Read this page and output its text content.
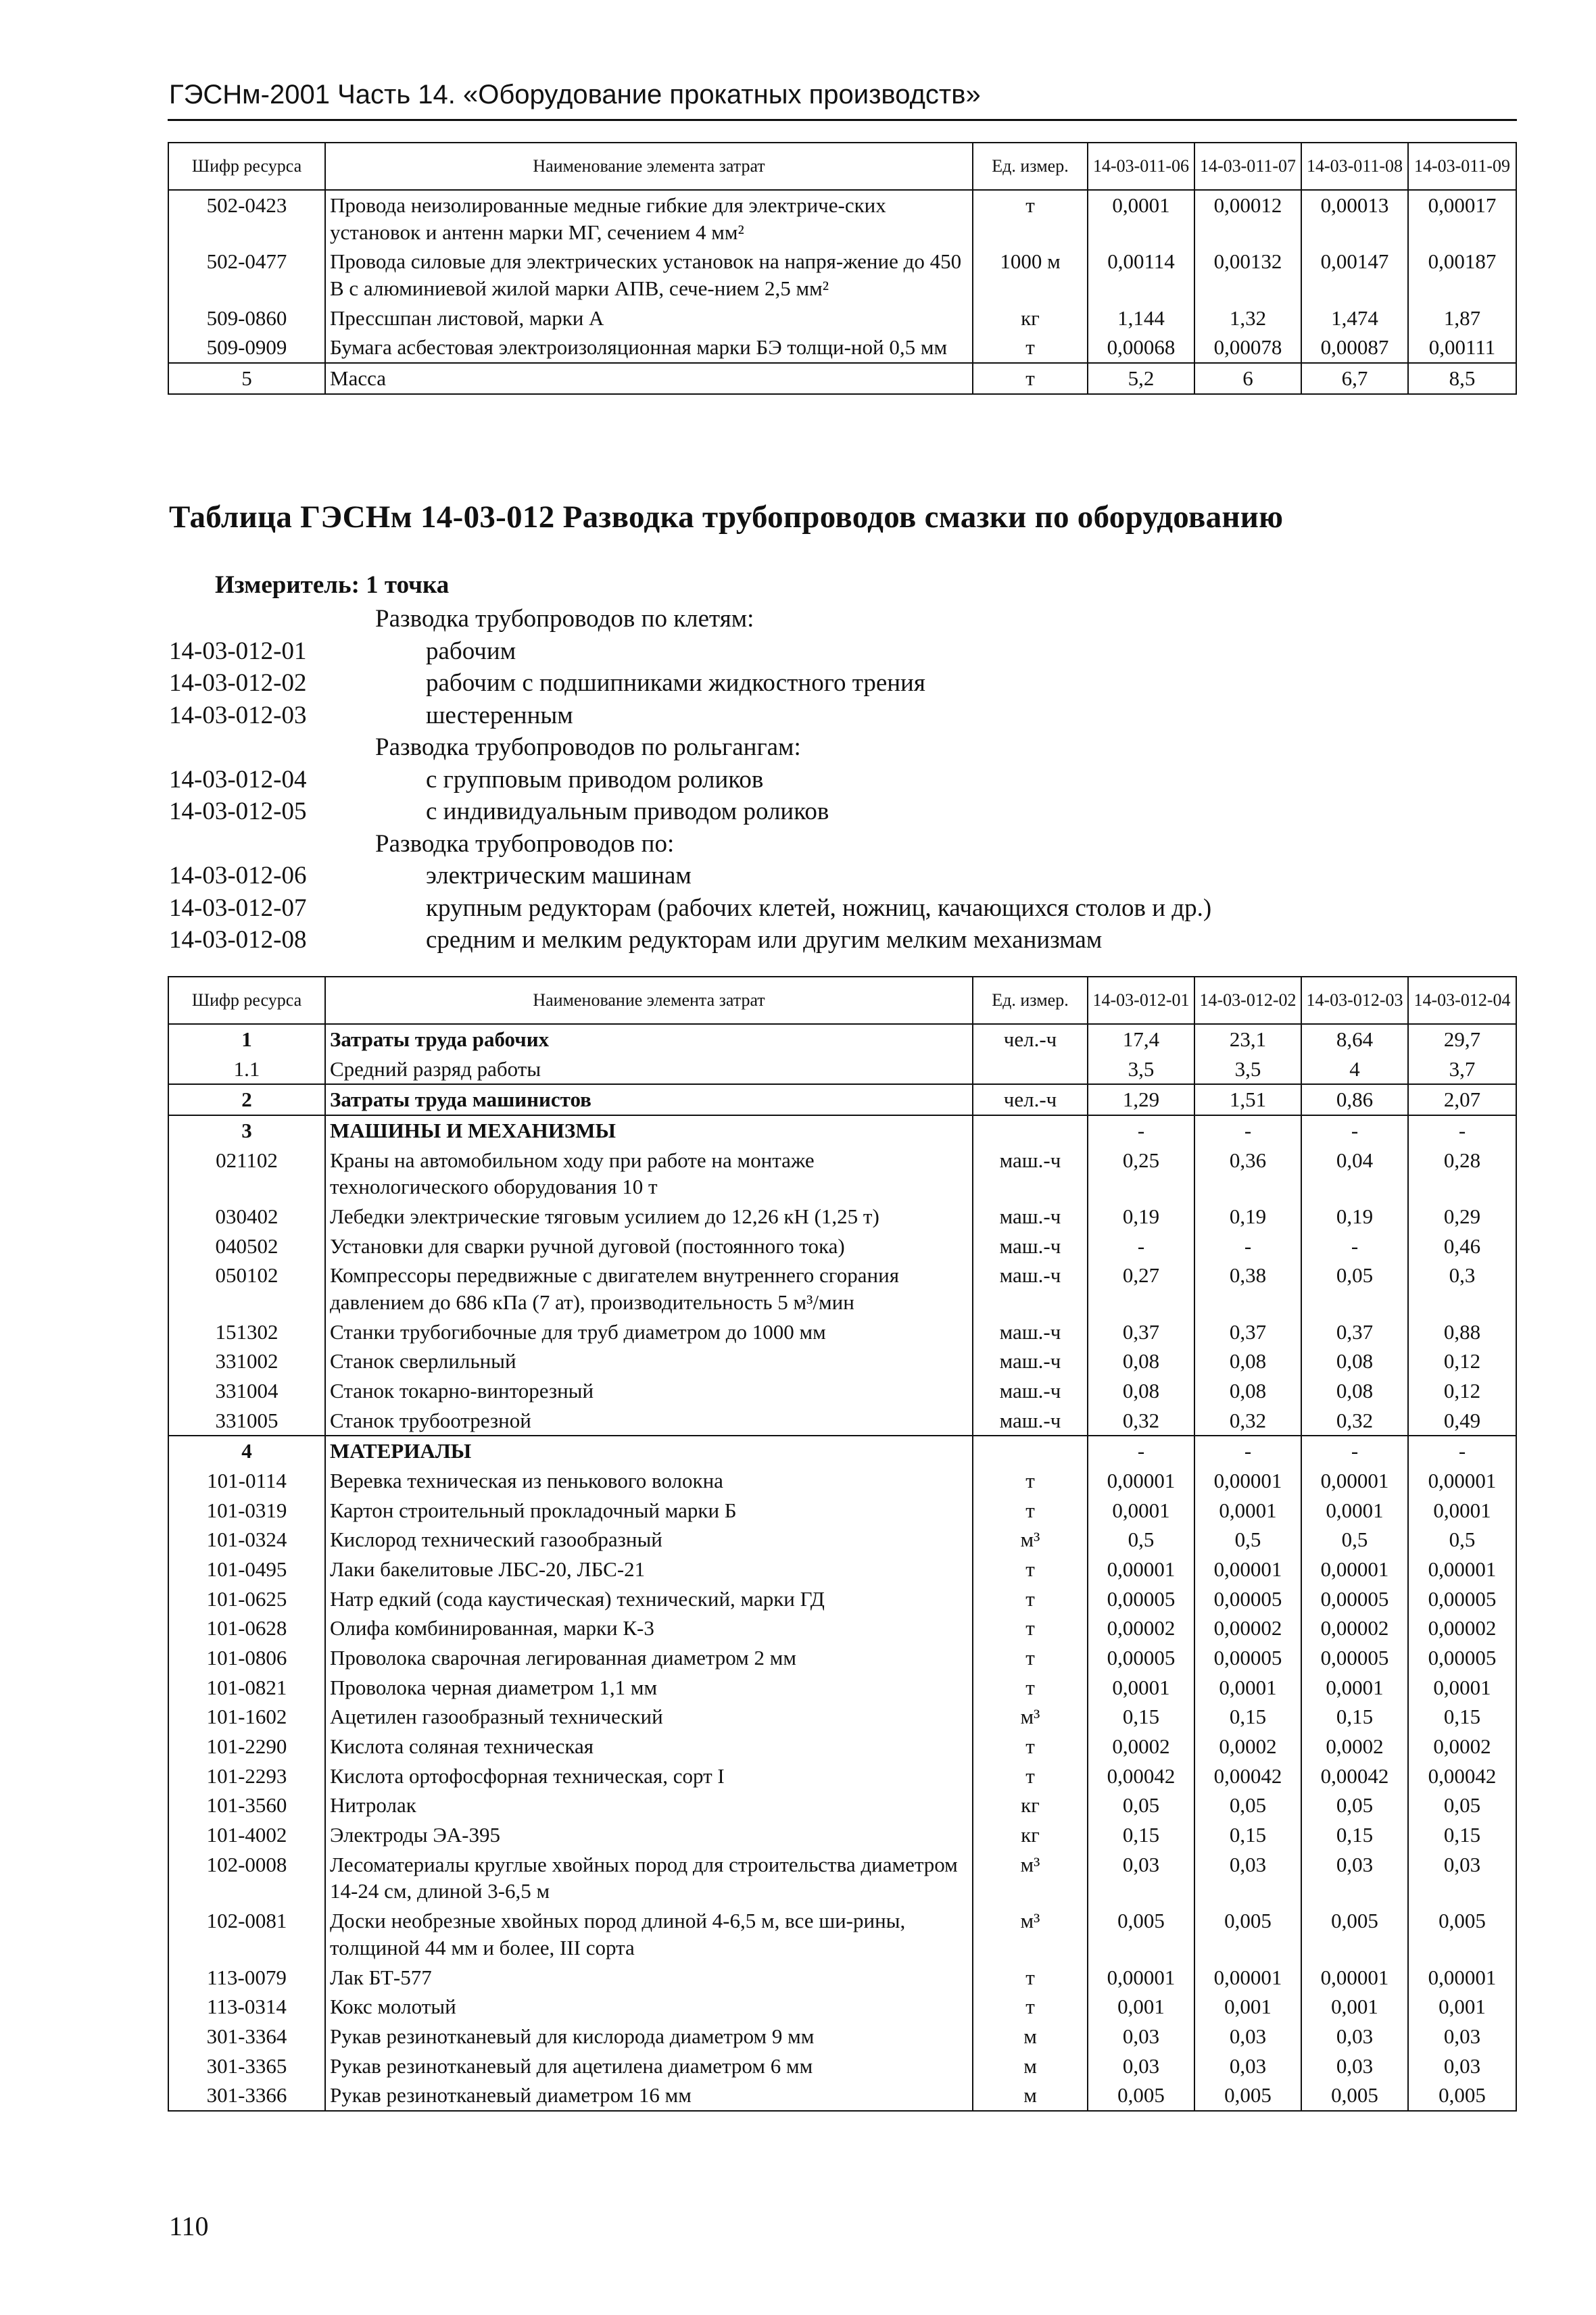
ГЭСНм-2001 Часть 14. «Оборудование прокатных производств»
Шифр ресурса	Наименование элемента затрат	Ед. измер.	14-03-011-06	14-03-011-07	14-03-011-08	14-03-011-09
502-0423	Провода неизолированные медные гибкие для электриче-ских установок и антенн марки МГ, сечением 4 мм²	т	0,0001	0,00012	0,00013	0,00017
502-0477	Провода силовые для электрических установок на напря-жение до 450 В с алюминиевой жилой марки АПВ, сече-нием 2,5 мм²	1000 м	0,00114	0,00132	0,00147	0,00187
509-0860	Прессшпан листовой, марки А	кг	1,144	1,32	1,474	1,87
509-0909	Бумага асбестовая электроизоляционная марки БЭ толщи-ной 0,5 мм	т	0,00068	0,00078	0,00087	0,00111
5	Масса	т	5,2	6	6,7	8,5
Таблица ГЭСНм 14-03-012 Разводка трубопроводов смазки по оборудованию
Измеритель: 1 точка
Разводка трубопроводов по клетям:
14-03-012-01	рабочим
14-03-012-02	рабочим с подшипниками жидкостного трения
14-03-012-03	шестеренным
Разводка трубопроводов по рольгангам:
14-03-012-04	с групповым приводом роликов
14-03-012-05	с индивидуальным приводом роликов
Разводка трубопроводов по:
14-03-012-06	электрическим машинам
14-03-012-07	крупным редукторам (рабочих клетей, ножниц, качающихся столов и др.)
14-03-012-08	средним и мелким редукторам или другим мелким механизмам
Шифр ресурса	Наименование элемента затрат	Ед. измер.	14-03-012-01	14-03-012-02	14-03-012-03	14-03-012-04
1	Затраты труда рабочих	чел.-ч	17,4	23,1	8,64	29,7
1.1	Средний разряд работы		3,5	3,5	4	3,7
2	Затраты труда машинистов	чел.-ч	1,29	1,51	0,86	2,07
3	МАШИНЫ И МЕХАНИЗМЫ		-	-	-	-
021102	Краны на автомобильном ходу при работе на монтаже технологического оборудования 10 т	маш.-ч	0,25	0,36	0,04	0,28
030402	Лебедки электрические тяговым усилием до 12,26 кН (1,25 т)	маш.-ч	0,19	0,19	0,19	0,29
040502	Установки для сварки ручной дуговой (постоянного тока)	маш.-ч	-	-	-	0,46
050102	Компрессоры передвижные с двигателем внутреннего сгорания давлением до 686 кПа (7 ат), производительность 5 м³/мин	маш.-ч	0,27	0,38	0,05	0,3
151302	Станки трубогибочные для труб диаметром до 1000 мм	маш.-ч	0,37	0,37	0,37	0,88
331002	Станок сверлильный	маш.-ч	0,08	0,08	0,08	0,12
331004	Станок токарно-винторезный	маш.-ч	0,08	0,08	0,08	0,12
331005	Станок трубоотрезной	маш.-ч	0,32	0,32	0,32	0,49
4	МАТЕРИАЛЫ		-	-	-	-
101-0114	Веревка техническая из пенькового волокна	т	0,00001	0,00001	0,00001	0,00001
101-0319	Картон строительный прокладочный марки Б	т	0,0001	0,0001	0,0001	0,0001
101-0324	Кислород технический газообразный	м³	0,5	0,5	0,5	0,5
101-0495	Лаки бакелитовые ЛБС-20, ЛБС-21	т	0,00001	0,00001	0,00001	0,00001
101-0625	Натр едкий (сода каустическая) технический, марки ГД	т	0,00005	0,00005	0,00005	0,00005
101-0628	Олифа комбинированная, марки К-3	т	0,00002	0,00002	0,00002	0,00002
101-0806	Проволока сварочная легированная диаметром 2 мм	т	0,00005	0,00005	0,00005	0,00005
101-0821	Проволока черная диаметром 1,1 мм	т	0,0001	0,0001	0,0001	0,0001
101-1602	Ацетилен газообразный технический	м³	0,15	0,15	0,15	0,15
101-2290	Кислота соляная техническая	т	0,0002	0,0002	0,0002	0,0002
101-2293	Кислота ортофосфорная техническая, сорт I	т	0,00042	0,00042	0,00042	0,00042
101-3560	Нитролак	кг	0,05	0,05	0,05	0,05
101-4002	Электроды ЭА-395	кг	0,15	0,15	0,15	0,15
102-0008	Лесоматериалы круглые хвойных пород для строительства диаметром 14-24 см, длиной 3-6,5 м	м³	0,03	0,03	0,03	0,03
102-0081	Доски необрезные хвойных пород длиной 4-6,5 м, все ши-рины, толщиной 44 мм и более, III сорта	м³	0,005	0,005	0,005	0,005
113-0079	Лак БТ-577	т	0,00001	0,00001	0,00001	0,00001
113-0314	Кокс молотый	т	0,001	0,001	0,001	0,001
301-3364	Рукав резинотканевый для кислорода диаметром 9 мм	м	0,03	0,03	0,03	0,03
301-3365	Рукав резинотканевый для ацетилена диаметром 6 мм	м	0,03	0,03	0,03	0,03
301-3366	Рукав резинотканевый диаметром 16 мм	м	0,005	0,005	0,005	0,005
110
